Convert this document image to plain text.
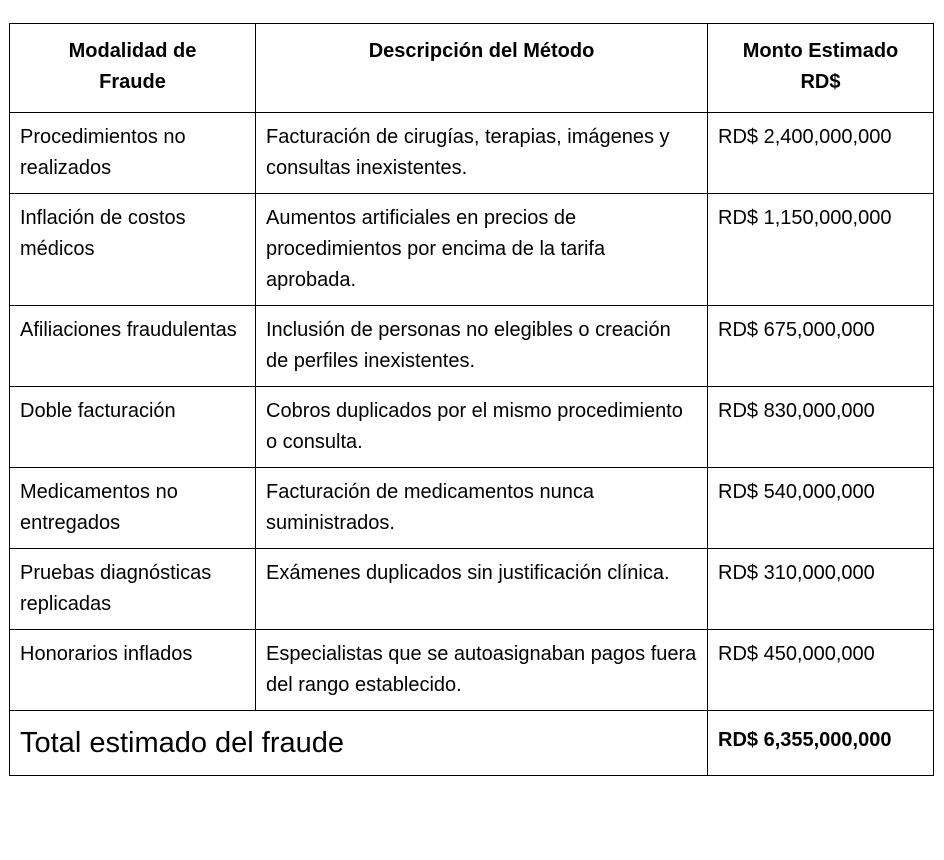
Modalidad de Fraude	Descripción del Método	Monto Estimado RD$
Procedimientos no realizados	Facturación de cirugías, terapias, imágenes y consultas inexistentes.	RD$ 2,400,000,000
Inflación de costos médicos	Aumentos artificiales en precios de procedimientos por encima de la tarifa aprobada.	RD$ 1,150,000,000
Afiliaciones fraudulentas	Inclusión de personas no elegibles o creación de perfiles inexistentes.	RD$ 675,000,000
Doble facturación	Cobros duplicados por el mismo procedimiento o consulta.	RD$ 830,000,000
Medicamentos no entregados	Facturación de medicamentos nunca suministrados.	RD$ 540,000,000
Pruebas diagnósticas replicadas	Exámenes duplicados sin justificación clínica.	RD$ 310,000,000
Honorarios inflados	Especialistas que se autoasignaban pagos fuera del rango establecido.	RD$ 450,000,000
Total estimado del fraude		RD$ 6,355,000,000
